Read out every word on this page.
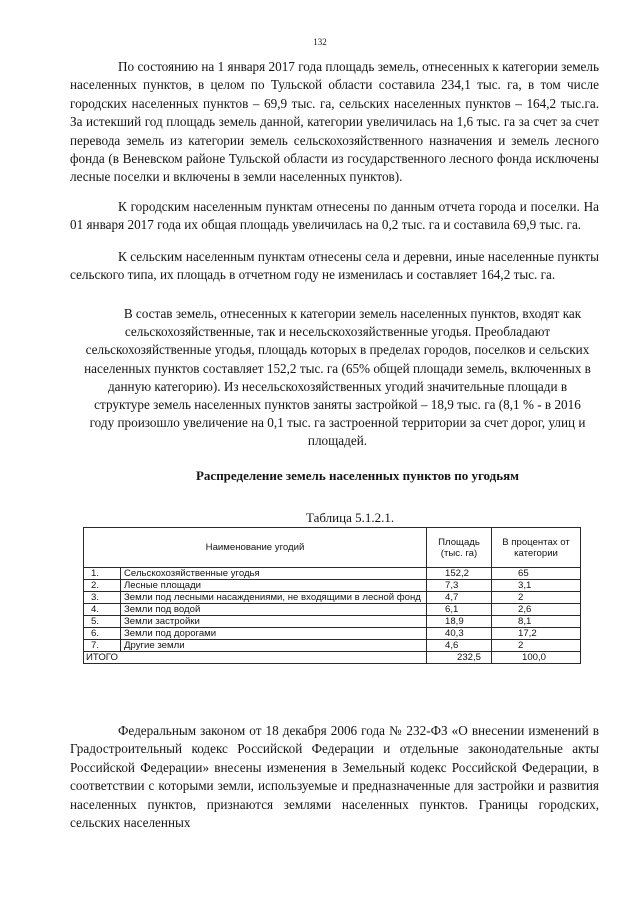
132

По состоянию на 1 января 2017 года площадь земель, отнесенных к категории земель населенных пунктов, в целом по Тульской области составила 234,1 тыс. га, в том числе городских населенных пунктов – 69,9 тыс. га, сельских населенных пунктов – 164,2 тыс.га. За истекший год площадь земель данной, категории увеличилась на 1,6 тыс. га за счет за счет перевода земель из категории земель сельскохозяйственного назначения и земель лесного фонда (в Веневском районе Тульской области из государственного лесного фонда исключены лесные поселки и включены в земли населенных пунктов).

К городским населенным пунктам отнесены по данным отчета города и поселки. На 01 января 2017 года их общая площадь увеличилась на 0,2 тыс. га и составила 69,9 тыс. га.

К сельским населенным пунктам отнесены села и деревни, иные населенные пункты сельского типа, их площадь в отчетном году не изменилась и составляет 164,2 тыс. га.

В состав земель, отнесенных к категории земель населенных пунктов, входят как сельскохозяйственные, так и несельскохозяйственные угодья. Преобладают сельскохозяйственные угодья, площадь которых в пределах городов, поселков и сельских населенных пунктов составляет 152,2 тыс. га (65% общей площади земель, включенных в данную категорию). Из несельскохозяйственных угодий значительные площади в структуре земель населенных пунктов заняты застройкой – 18,9 тыс. га (8,1 % - в 2016 году произошло увеличение на 0,1 тыс. га застроенной территории за счет дорог, улиц и площадей.

Распределение земель населенных пунктов по угодьям
Таблица 5.1.2.1.
Наименование угодий		Площадь (тыс. га)	В процентах от категории
1.	Сельскохозяйственные угодья	152,2	65
2.	Лесные площади	7,3	3,1
3.	Земли под лесными насаждениями, не входящими в лесной фонд	4,7	2
4.	Земли под водой	6,1	2,6
5.	Земли застройки	18,9	8,1
6.	Земли под дорогами	40,3	17,2
7.	Другие земли	4,6	2
ИТОГО		232,5	100,0

Федеральным законом от 18 декабря 2006 года № 232-ФЗ «О внесении изменений в Градостроительный кодекс Российской Федерации и отдельные законодательные акты Российской Федерации» внесены изменения в Земельный кодекс Российской Федерации, в соответствии с которыми земли, используемые и предназначенные для застройки и развития населенных пунктов, признаются землями населенных пунктов. Границы городских, сельских населенных
